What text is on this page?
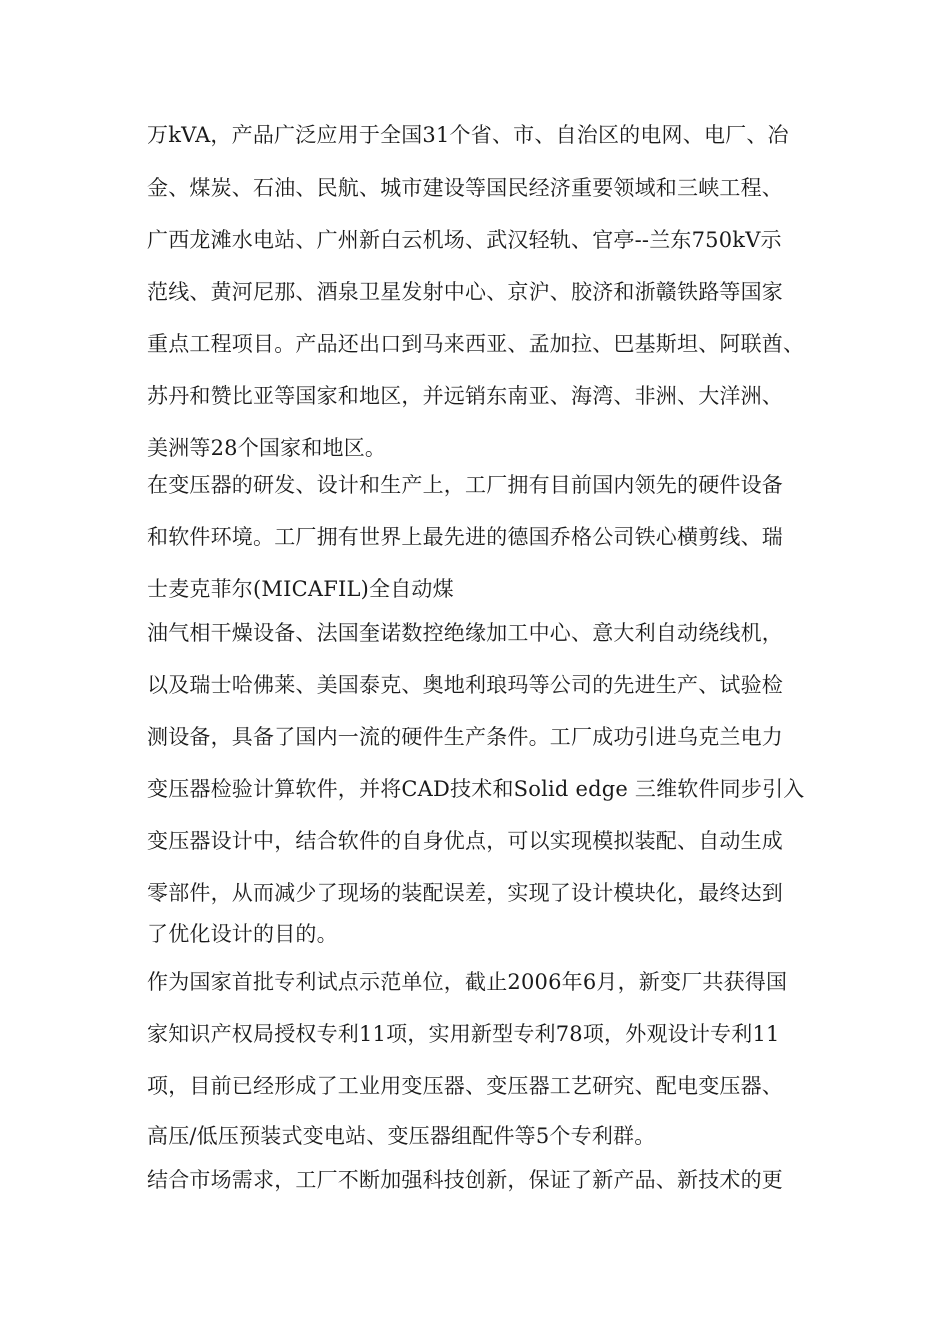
万kVA，产品广泛应用于全国31个省、市、自治区的电网、电厂、冶
金、煤炭、石油、民航、城市建设等国民经济重要领域和三峡工程、
广西龙滩水电站、广州新白云机场、武汉轻轨、官亭--兰东750kV示
范线、黄河尼那、酒泉卫星发射中心、京沪、胶济和浙赣铁路等国家
重点工程项目。产品还出口到马来西亚、孟加拉、巴基斯坦、阿联酋、
苏丹和赞比亚等国家和地区，并远销东南亚、海湾、非洲、大洋洲、
美洲等28个国家和地区。
在变压器的研发、设计和生产上，工厂拥有目前国内领先的硬件设备
和软件环境。工厂拥有世界上最先进的德国乔格公司铁心横剪线、瑞
士麦克菲尔(MICAFIL)全自动煤
油气相干燥设备、法国奎诺数控绝缘加工中心、意大利自动绕线机，
以及瑞士哈佛莱、美国泰克、奥地利琅玛等公司的先进生产、试验检
测设备，具备了国内一流的硬件生产条件。工厂成功引进乌克兰电力
变压器检验计算软件，并将CAD技术和Solid edge 三维软件同步引入
变压器设计中，结合软件的自身优点，可以实现模拟装配、自动生成
零部件，从而减少了现场的装配误差，实现了设计模块化，最终达到
了优化设计的目的。
作为国家首批专利试点示范单位，截止2006年6月，新变厂共获得国
家知识产权局授权专利11项，实用新型专利78项，外观设计专利11
项，目前已经形成了工业用变压器、变压器工艺研究、配电变压器、
高压/低压预装式变电站、变压器组配件等5个专利群。
结合市场需求，工厂不断加强科技创新，保证了新产品、新技术的更
